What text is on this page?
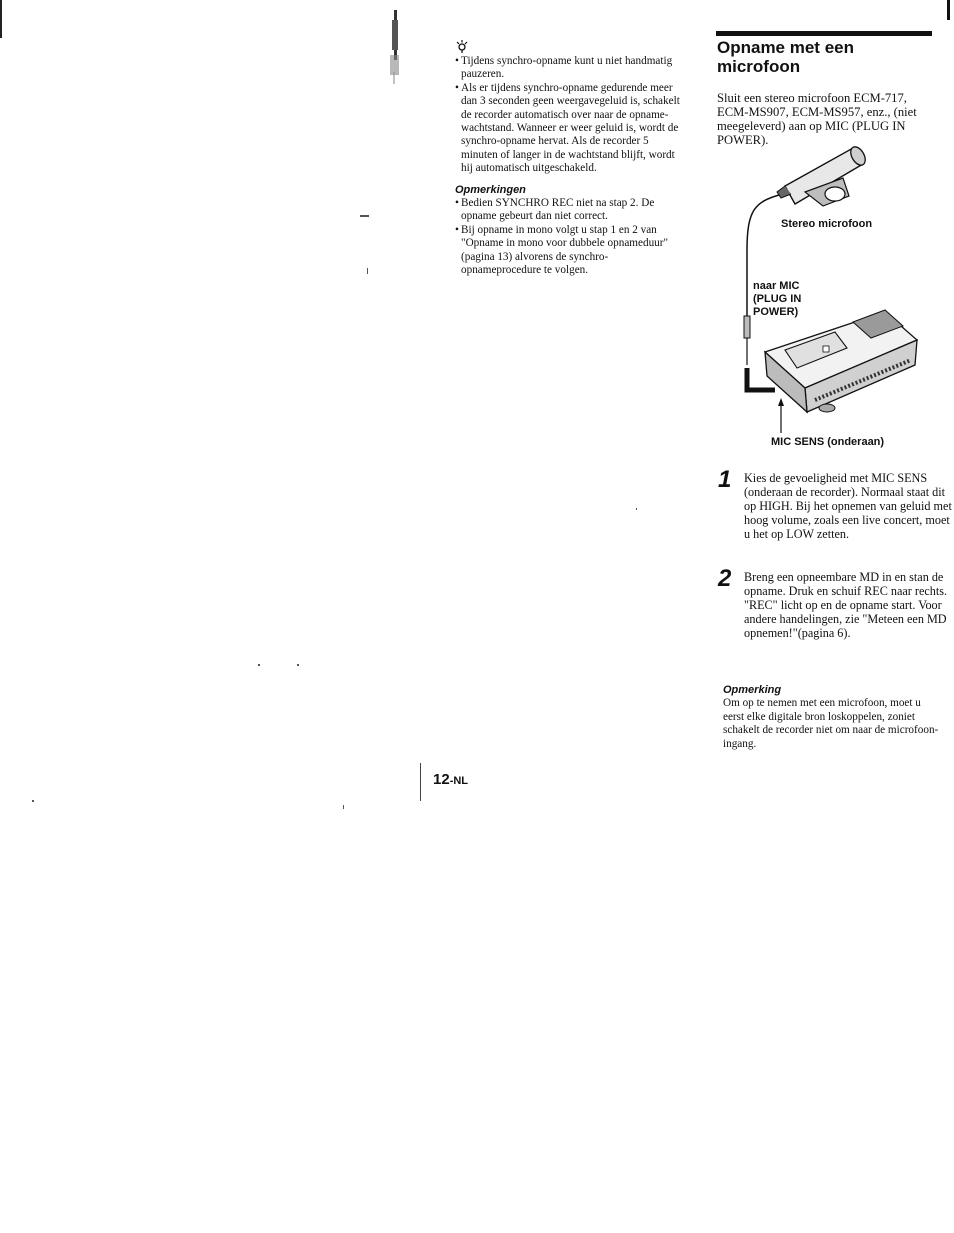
• Tijdens synchro-opname kunt u niet handmatig pauzeren.

• Als er tijdens synchro-opname gedurende meer dan 3 seconden geen weergavegeluid is, schakelt de recorder automatisch over naar de opname-wachtstand. Wanneer er weer geluid is, wordt de synchro-opname hervat. Als de recorder 5 minuten of langer in de wachtstand blijft, wordt hij automatisch uitgeschakeld.

Opmerkingen

• Bedien SYNCHRO REC niet na stap 2. De opname gebeurt dan niet correct.

• Bij opname in mono volgt u stap 1 en 2 van "Opname in mono voor dubbele opnameduur" (pagina 13) alvorens de synchro-opnameprocedure te volgen.

Opname met een microfoon

Sluit een stereo microfoon ECM-717, ECM-MS907, ECM-MS957, enz., (niet meegeleverd) aan op MIC (PLUG IN POWER).

Stereo microfoon
naar MIC (PLUG IN POWER)
MIC SENS (onderaan)
1 Kies de gevoeligheid met MIC SENS (onderaan de recorder). Normaal staat dit op HIGH. Bij het opnemen van geluid met hoog volume, zoals een live concert, moet u het op LOW zetten.

2 Breng een opneembare MD in en stan de opname. Druk en schuif REC naar rechts. "REC" licht op en de opname start. Voor andere handelingen, zie "Meteen een MD opnemen!"(pagina 6).

Opmerking

Om op te nemen met een microfoon, moet u eerst elke digitale bron loskoppelen, zoniet schakelt de recorder niet om naar de microfoon-ingang.

12-NL
